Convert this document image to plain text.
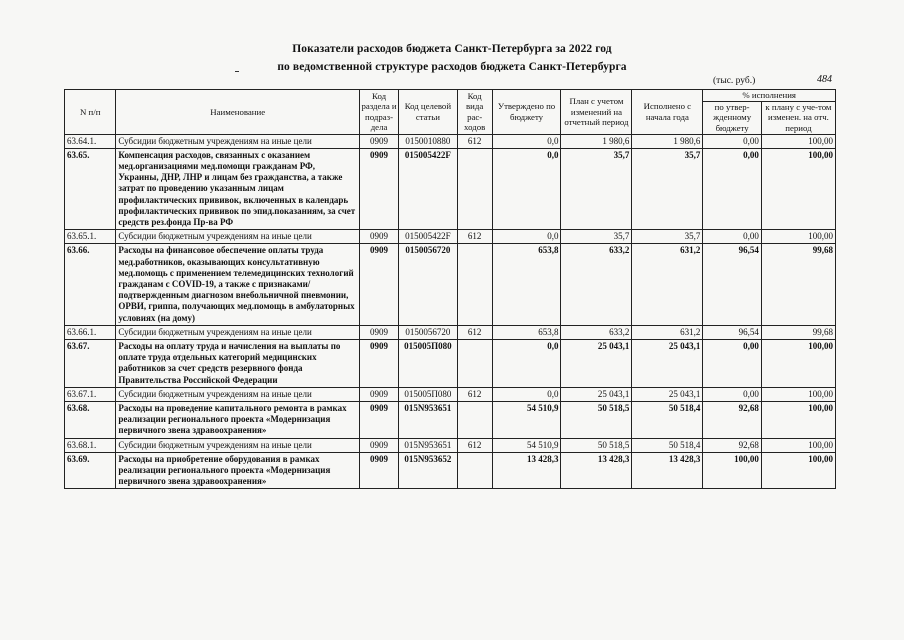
Показатели расходов бюджета Санкт-Петербурга за 2022 год
по ведомственной структуре расходов бюджета Санкт-Петербурга
(тыс. руб.)	484
N п/п	Наименование	Код раздела и подраз-дела	Код целевой статьи	Код вида рас-ходов	Утверждено по бюджету	План с учетом изменений на отчетный период	Исполнено с начала года	% исполнения	
								по утвер-жденному бюджету	к плану с уче-том изменен. на отч. период
63.64.1.	Субсидии бюджетным учреждениям на иные цели	0909	0150010880	612	0,0	1 980,6	1 980,6	0,00	100,00
63.65.	Компенсация расходов, связанных с оказанием мед.организациями мед.помощи гражданам РФ, Украины, ДНР, ЛНР и лицам без гражданства, а также затрат по проведению указанным лицам профилактических прививок, включенных в календарь профилактических прививок по эпид.показаниям, за счет средств рез.фонда Пр-ва РФ	0909	015005422F		0,0	35,7	35,7	0,00	100,00
63.65.1.	Субсидии бюджетным учреждениям на иные цели	0909	015005422F	612	0,0	35,7	35,7	0,00	100,00
63.66.	Расходы на финансовое обеспечение оплаты труда мед.работников, оказывающих консультативную мед.помощь с применением телемедицинских технологий гражданам с COVID-19, а также с признаками/подтвержденным диагнозом внебольничной пневмонии, ОРВИ, гриппа, получающих мед.помощь в амбулаторных условиях (на дому)	0909	0150056720		653,8	633,2	631,2	96,54	99,68
63.66.1.	Субсидии бюджетным учреждениям на иные цели	0909	0150056720	612	653,8	633,2	631,2	96,54	99,68
63.67.	Расходы на оплату труда и начисления на выплаты по оплате труда отдельных категорий медицинских работников за счет средств резервного фонда Правительства Российской Федерации	0909	015005П080		0,0	25 043,1	25 043,1	0,00	100,00
63.67.1.	Субсидии бюджетным учреждениям на иные цели	0909	015005П080	612	0,0	25 043,1	25 043,1	0,00	100,00
63.68.	Расходы на проведение капитального ремонта в рамках реализации регионального проекта «Модернизация первичного звена здравоохранения»	0909	015N953651		54 510,9	50 518,5	50 518,4	92,68	100,00
63.68.1.	Субсидии бюджетным учреждениям на иные цели	0909	015N953651	612	54 510,9	50 518,5	50 518,4	92,68	100,00
63.69.	Расходы на приобретение оборудования в рамках реализации регионального проекта «Модернизация первичного звена здравоохранения»	0909	015N953652		13 428,3	13 428,3	13 428,3	100,00	100,00
